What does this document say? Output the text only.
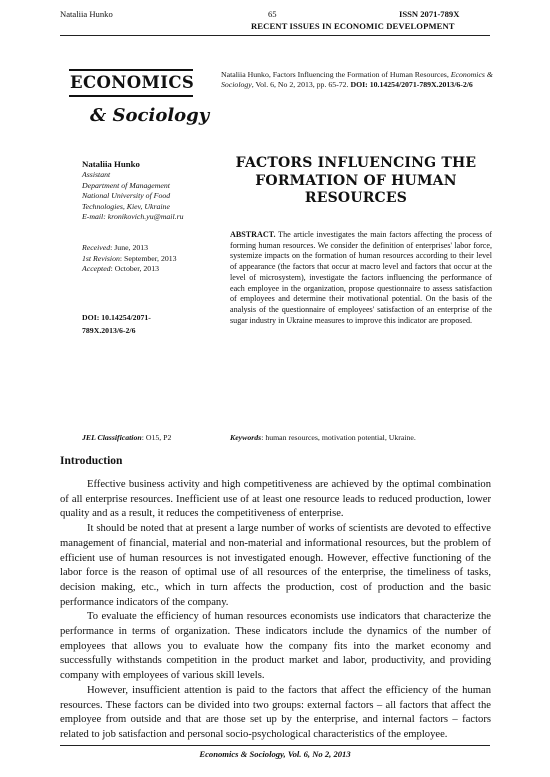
Nataliia Hunko	65	ISSN 2071-789X
RECENT ISSUES IN ECONOMIC DEVELOPMENT
ECONOMICS
& Sociology
Nataliia Hunko, Factors Influencing the Formation of Human Resources, Economics & Sociology, Vol. 6, No 2, 2013, pp. 65-72. DOI: 10.14254/2071-789X.2013/6-2/6
Nataliia Hunko
Assistant
Department of Management
National University of Food
Technologies, Kiev, Ukraine
E-mail: kronikovich.yu@mail.ru
Received: June, 2013
1st Revision: September, 2013
Accepted: October, 2013
DOI: 10.14254/2071-
789X.2013/6-2/6
FACTORS INFLUENCING THE
FORMATION OF HUMAN
RESOURCES
ABSTRACT. The article investigates the main factors affecting the process of forming human resources. We consider the definition of enterprises' labor force, systemize impacts on the formation of human resources according to their level of appearance (the factors that occur at macro level and factors that occur at the level of microsystem), investigate the factors influencing the performance of each employee in the organization, propose questionnaire to assess satisfaction of employees and determine their motivational potential. On the basis of the analysis of the questionnaire of employees' satisfaction of an enterprise of the sugar industry in Ukraine measures to improve this indicator are proposed.
JEL Classification: O15, P2	Keywords: human resources, motivation potential, Ukraine.
Introduction

Effective business activity and high competitiveness are achieved by the optimal combination of all enterprise resources. Inefficient use of at least one resource leads to reduced production, lower quality and as a result, it reduces the competitiveness of enterprise.

It should be noted that at present a large number of works of scientists are devoted to effective management of financial, material and non-material and informational resources, but the problem of efficient use of human resources is not investigated enough. However, effective functioning of the labor force is the reason of optimal use of all resources of the enterprise, the timeliness of tasks, decision making, etc., which in turn affects the production, cost of production and the basic performance indicators of the company.

To evaluate the efficiency of human resources economists use indicators that characterize the performance in terms of organization. These indicators include the dynamics of the number of employees that allows you to evaluate how the company fits into the market economy and successfully withstands competition in the product market and labor, productivity, and providing company with employees of various skill levels.

However, insufficient attention is paid to the factors that affect the efficiency of the human resources. These factors can be divided into two groups: external factors – all factors that affect the employee from outside and that are those set up by the enterprise, and internal factors – factors related to job satisfaction and personal socio-psychological characteristics of the employee.

Economics & Sociology, Vol. 6, No 2, 2013
